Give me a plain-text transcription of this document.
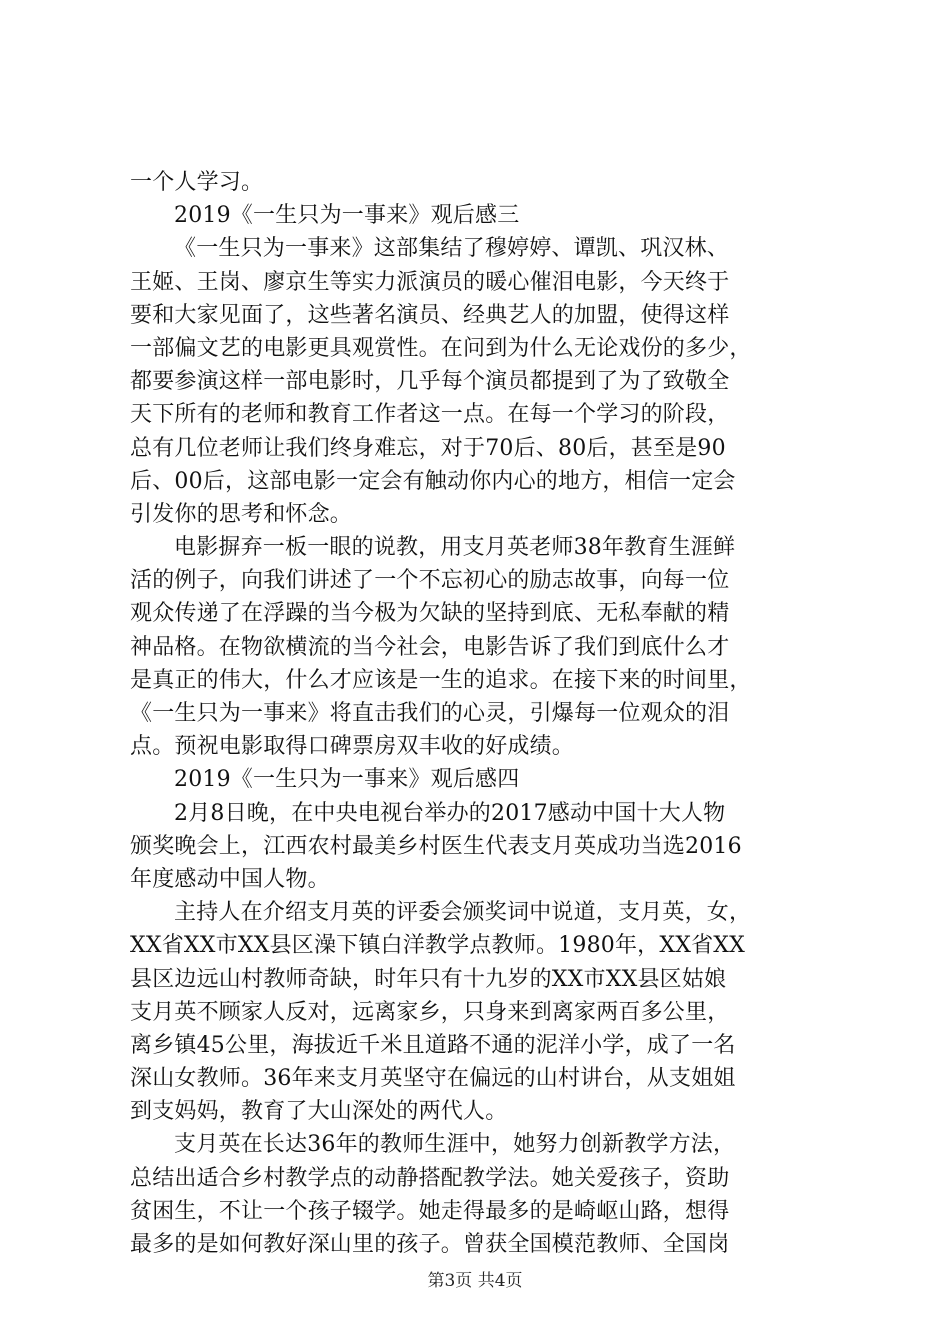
一个人学习。
2019《一生只为一事来》观后感三
《一生只为一事来》这部集结了穆婷婷、谭凯、巩汉林、
王姬、王岗、廖京生等实力派演员的暖心催泪电影，今天终于
要和大家见面了，这些著名演员、经典艺人的加盟，使得这样
一部偏文艺的电影更具观赏性。在问到为什么无论戏份的多少，
都要参演这样一部电影时，几乎每个演员都提到了为了致敬全
天下所有的老师和教育工作者这一点。在每一个学习的阶段，
总有几位老师让我们终身难忘，对于70后、80后，甚至是90
后、00后，这部电影一定会有触动你内心的地方，相信一定会
引发你的思考和怀念。
电影摒弃一板一眼的说教，用支月英老师38年教育生涯鲜
活的例子，向我们讲述了一个不忘初心的励志故事，向每一位
观众传递了在浮躁的当今极为欠缺的坚持到底、无私奉献的精
神品格。在物欲横流的当今社会，电影告诉了我们到底什么才
是真正的伟大，什么才应该是一生的追求。在接下来的时间里，
《一生只为一事来》将直击我们的心灵，引爆每一位观众的泪
点。预祝电影取得口碑票房双丰收的好成绩。
2019《一生只为一事来》观后感四
2月8日晚，在中央电视台举办的2017感动中国十大人物
颁奖晚会上，江西农村最美乡村医生代表支月英成功当选2016
年度感动中国人物。
主持人在介绍支月英的评委会颁奖词中说道，支月英，女，
XX省XX市XX县区澡下镇白洋教学点教师。1980年，XX省XX
县区边远山村教师奇缺，时年只有十九岁的XX市XX县区姑娘
支月英不顾家人反对，远离家乡，只身来到离家两百多公里，
离乡镇45公里，海拔近千米且道路不通的泥洋小学，成了一名
深山女教师。36年来支月英坚守在偏远的山村讲台，从支姐姐
到支妈妈，教育了大山深处的两代人。
支月英在长达36年的教师生涯中，她努力创新教学方法，
总结出适合乡村教学点的动静搭配教学法。她关爱孩子，资助
贫困生，不让一个孩子辍学。她走得最多的是崎岖山路，想得
最多的是如何教好深山里的孩子。曾获全国模范教师、全国岗
第3页 共4页
